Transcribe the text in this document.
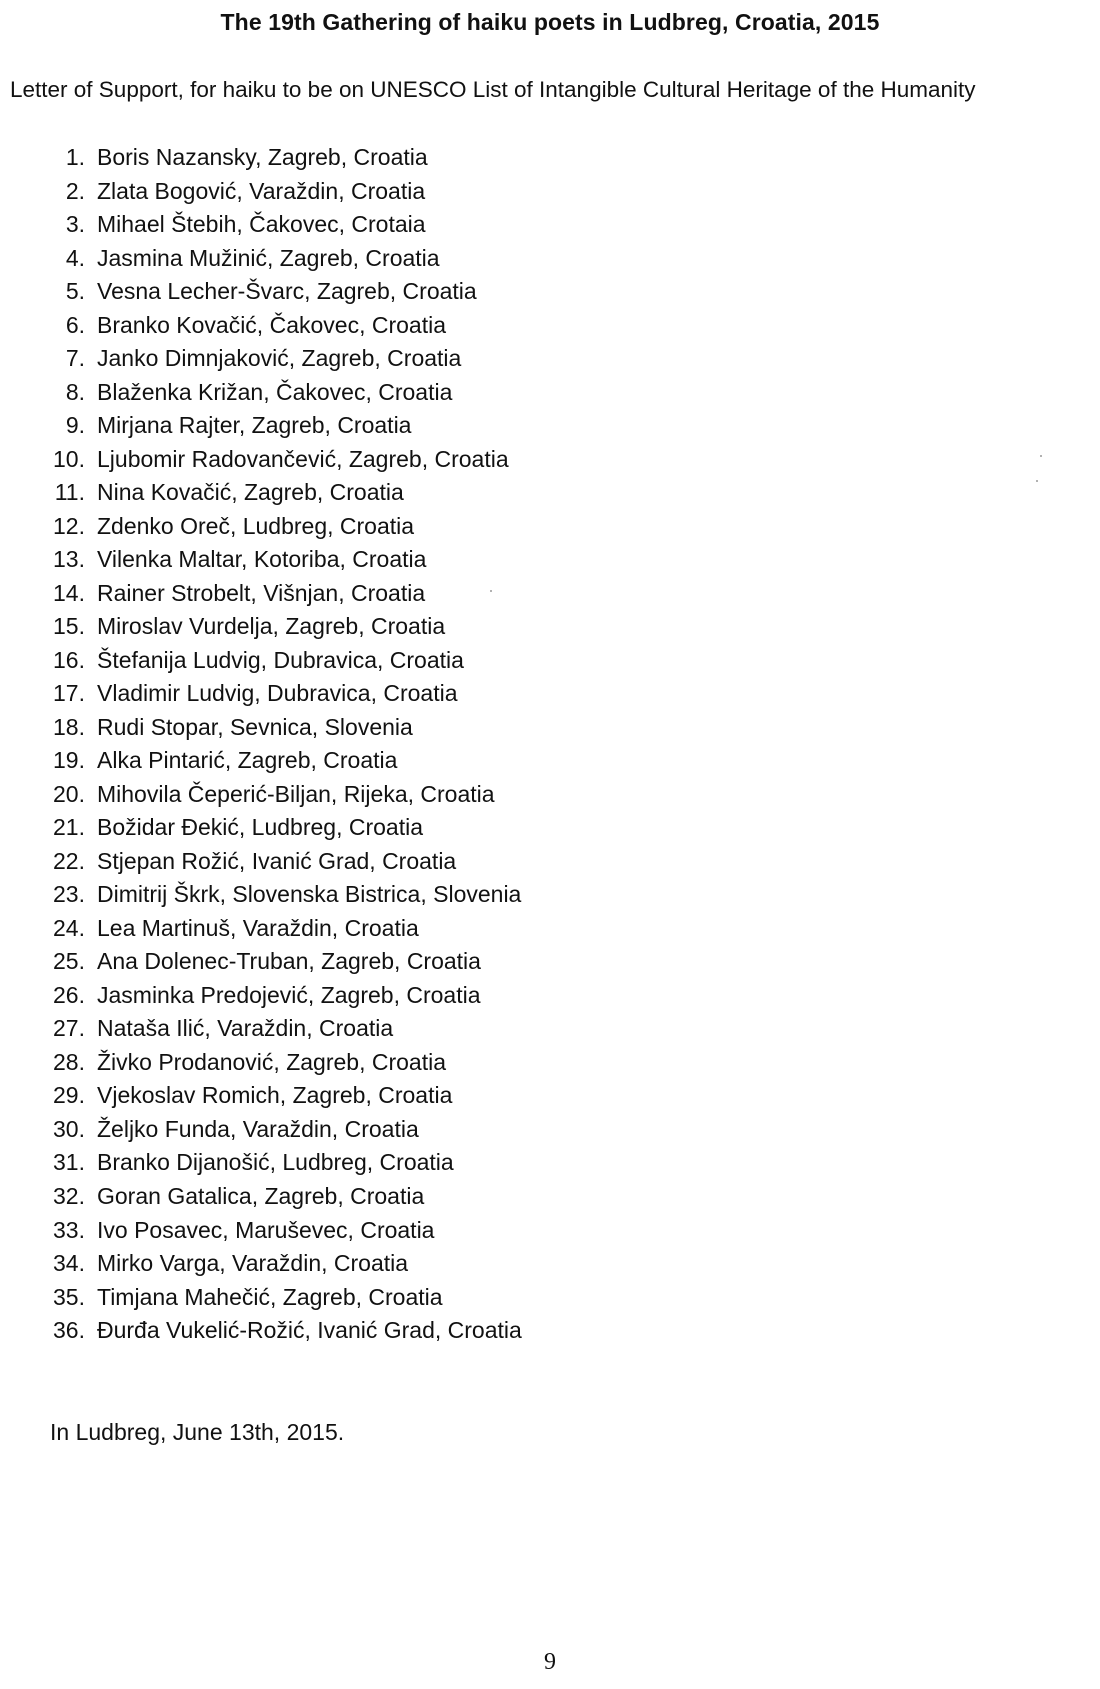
The 19th Gathering of haiku poets in Ludbreg, Croatia, 2015
Letter of Support, for haiku to be on UNESCO List of Intangible Cultural Heritage of the Humanity
1. Boris Nazansky, Zagreb, Croatia
2. Zlata Bogović, Varaždin, Croatia
3. Mihael Štebih, Čakovec, Crotaia
4. Jasmina Mužinić, Zagreb, Croatia
5. Vesna Lecher-Švarc, Zagreb, Croatia
6. Branko Kovačić, Čakovec, Croatia
7. Janko Dimnjaković, Zagreb, Croatia
8. Blaženka Križan, Čakovec, Croatia
9. Mirjana Rajter, Zagreb, Croatia
10. Ljubomir Radovančević, Zagreb, Croatia
11. Nina Kovačić, Zagreb, Croatia
12. Zdenko Oreč, Ludbreg, Croatia
13. Vilenka Maltar, Kotoriba, Croatia
14. Rainer Strobelt, Višnjan, Croatia
15. Miroslav Vurdelja, Zagreb, Croatia
16. Štefanija Ludvig, Dubravica, Croatia
17. Vladimir Ludvig, Dubravica, Croatia
18. Rudi Stopar, Sevnica, Slovenia
19. Alka Pintarić, Zagreb, Croatia
20. Mihovila Čeperić-Biljan, Rijeka, Croatia
21. Božidar Đekić, Ludbreg, Croatia
22. Stjepan Rožić, Ivanić Grad, Croatia
23. Dimitrij Škrk, Slovenska Bistrica, Slovenia
24. Lea Martinuš, Varaždin, Croatia
25. Ana Dolenec-Truban, Zagreb, Croatia
26. Jasminka Predojević, Zagreb, Croatia
27. Nataša Ilić, Varaždin, Croatia
28. Živko Prodanović, Zagreb, Croatia
29. Vjekoslav Romich, Zagreb, Croatia
30. Željko Funda, Varaždin, Croatia
31. Branko Dijanošić, Ludbreg, Croatia
32. Goran Gatalica, Zagreb, Croatia
33. Ivo Posavec, Maruševec, Croatia
34. Mirko Varga, Varaždin, Croatia
35. Timjana Mahečić, Zagreb, Croatia
36. Đurđa Vukelić-Rožić, Ivanić Grad, Croatia
In Ludbreg, June 13th, 2015.
9
